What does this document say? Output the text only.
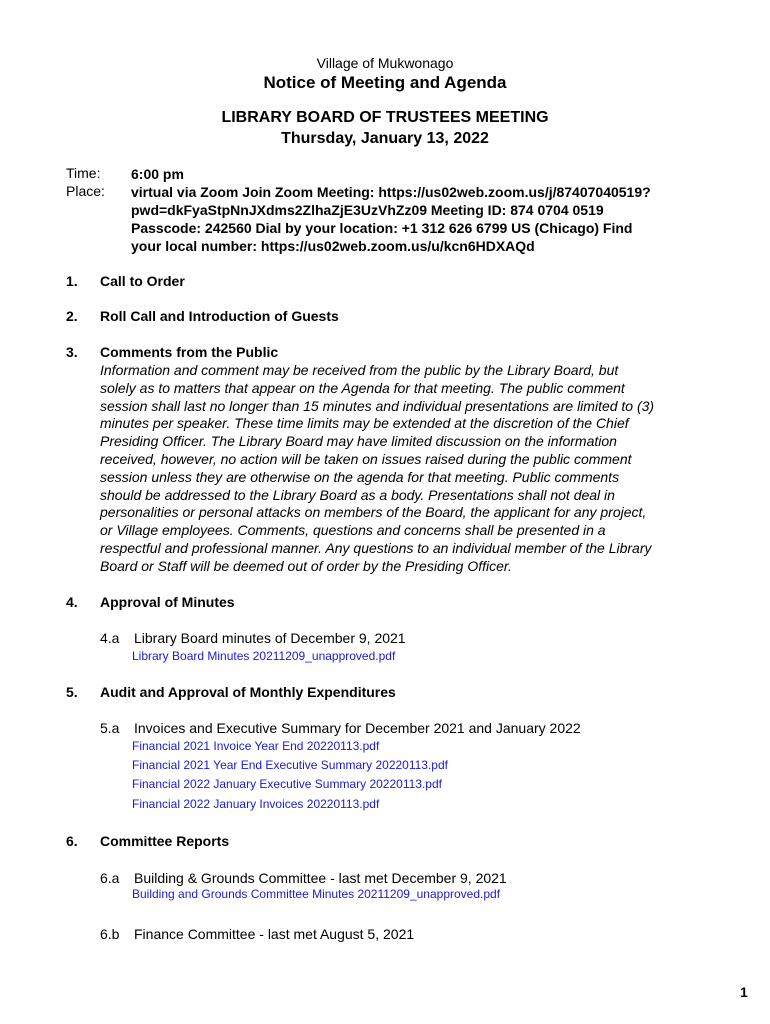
Village of Mukwonago
Notice of Meeting and Agenda
LIBRARY BOARD OF TRUSTEES MEETING
Thursday, January 13, 2022
Time: 6:00 pm
Place: virtual via Zoom Join Zoom Meeting: https://us02web.zoom.us/j/87407040519?
pwd=dkFyaStpNnJXdms2ZlhaZjE3UzVhZz09 Meeting ID: 874 0704 0519
Passcode: 242560 Dial by your location: +1 312 626 6799 US (Chicago) Find
your local number: https://us02web.zoom.us/u/kcn6HDXAQd
1. Call to Order
2. Roll Call and Introduction of Guests
3. Comments from the Public
Information and comment may be received from the public by the Library Board, but
solely as to matters that appear on the Agenda for that meeting. The public comment
session shall last no longer than 15 minutes and individual presentations are limited to (3)
minutes per speaker. These time limits may be extended at the discretion of the Chief
Presiding Officer. The Library Board may have limited discussion on the information
received, however, no action will be taken on issues raised during the public comment
session unless they are otherwise on the agenda for that meeting. Public comments
should be addressed to the Library Board as a body. Presentations shall not deal in
personalities or personal attacks on members of the Board, the applicant for any project,
or Village employees. Comments, questions and concerns shall be presented in a
respectful and professional manner. Any questions to an individual member of the Library
Board or Staff will be deemed out of order by the Presiding Officer.
4. Approval of Minutes
4.a Library Board minutes of December 9, 2021
Library Board Minutes 20211209_unapproved.pdf
5. Audit and Approval of Monthly Expenditures
5.a Invoices and Executive Summary for December 2021 and January 2022
Financial 2021 Invoice Year End 20220113.pdf
Financial 2021 Year End Executive Summary 20220113.pdf
Financial 2022 January Executive Summary 20220113.pdf
Financial 2022 January Invoices 20220113.pdf
6. Committee Reports
6.a Building & Grounds Committee - last met December 9, 2021
Building and Grounds Committee Minutes 20211209_unapproved.pdf
6.b Finance Committee - last met August 5, 2021
1
